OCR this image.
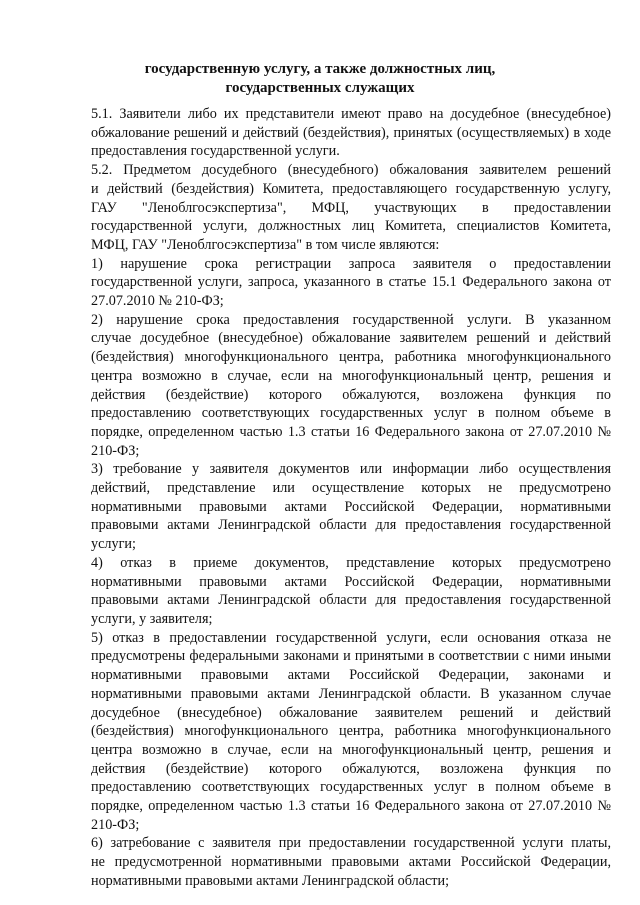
государственную услугу, а также должностных лиц,
государственных служащих
5.1. Заявители либо их представители имеют право на досудебное (внесудебное)
обжалование решений и действий (бездействия), принятых (осуществляемых) в ходе
предоставления государственной услуги.
5.2. Предметом досудебного (внесудебного) обжалования заявителем решений
и действий (бездействия) Комитета, предоставляющего государственную услугу,
ГАУ "Леноблгосэкспертиза", МФЦ, участвующих в предоставлении
государственной услуги, должностных лиц Комитета, специалистов Комитета,
МФЦ, ГАУ "Леноблгосэкспертиза" в том числе являются:
1) нарушение срока регистрации запроса заявителя о предоставлении
государственной услуги, запроса, указанного в статье 15.1 Федерального закона от
27.07.2010 № 210-ФЗ;
2) нарушение срока предоставления государственной услуги. В указанном
случае досудебное (внесудебное) обжалование заявителем решений и действий
(бездействия) многофункционального центра, работника многофункционального
центра возможно в случае, если на многофункциональный центр, решения и
действия (бездействие) которого обжалуются, возложена функция по
предоставлению соответствующих государственных услуг в полном объеме в
порядке, определенном частью 1.3 статьи 16 Федерального закона от 27.07.2010 №
210-ФЗ;
3) требование у заявителя документов или информации либо осуществления
действий, представление или осуществление которых не предусмотрено
нормативными правовыми актами Российской Федерации, нормативными
правовыми актами Ленинградской области для предоставления государственной
услуги;
4) отказ в приеме документов, представление которых предусмотрено
нормативными правовыми актами Российской Федерации, нормативными
правовыми актами Ленинградской области для предоставления государственной
услуги, у заявителя;
5) отказ в предоставлении государственной услуги, если основания отказа не
предусмотрены федеральными законами и принятыми в соответствии с ними иными
нормативными правовыми актами Российской Федерации, законами и
нормативными правовыми актами Ленинградской области. В указанном случае
досудебное (внесудебное) обжалование заявителем решений и действий
(бездействия) многофункционального центра, работника многофункционального
центра возможно в случае, если на многофункциональный центр, решения и
действия (бездействие) которого обжалуются, возложена функция по
предоставлению соответствующих государственных услуг в полном объеме в
порядке, определенном частью 1.3 статьи 16 Федерального закона от 27.07.2010 №
210-ФЗ;
6) затребование с заявителя при предоставлении государственной услуги платы,
не предусмотренной нормативными правовыми актами Российской Федерации,
нормативными правовыми актами Ленинградской области;
